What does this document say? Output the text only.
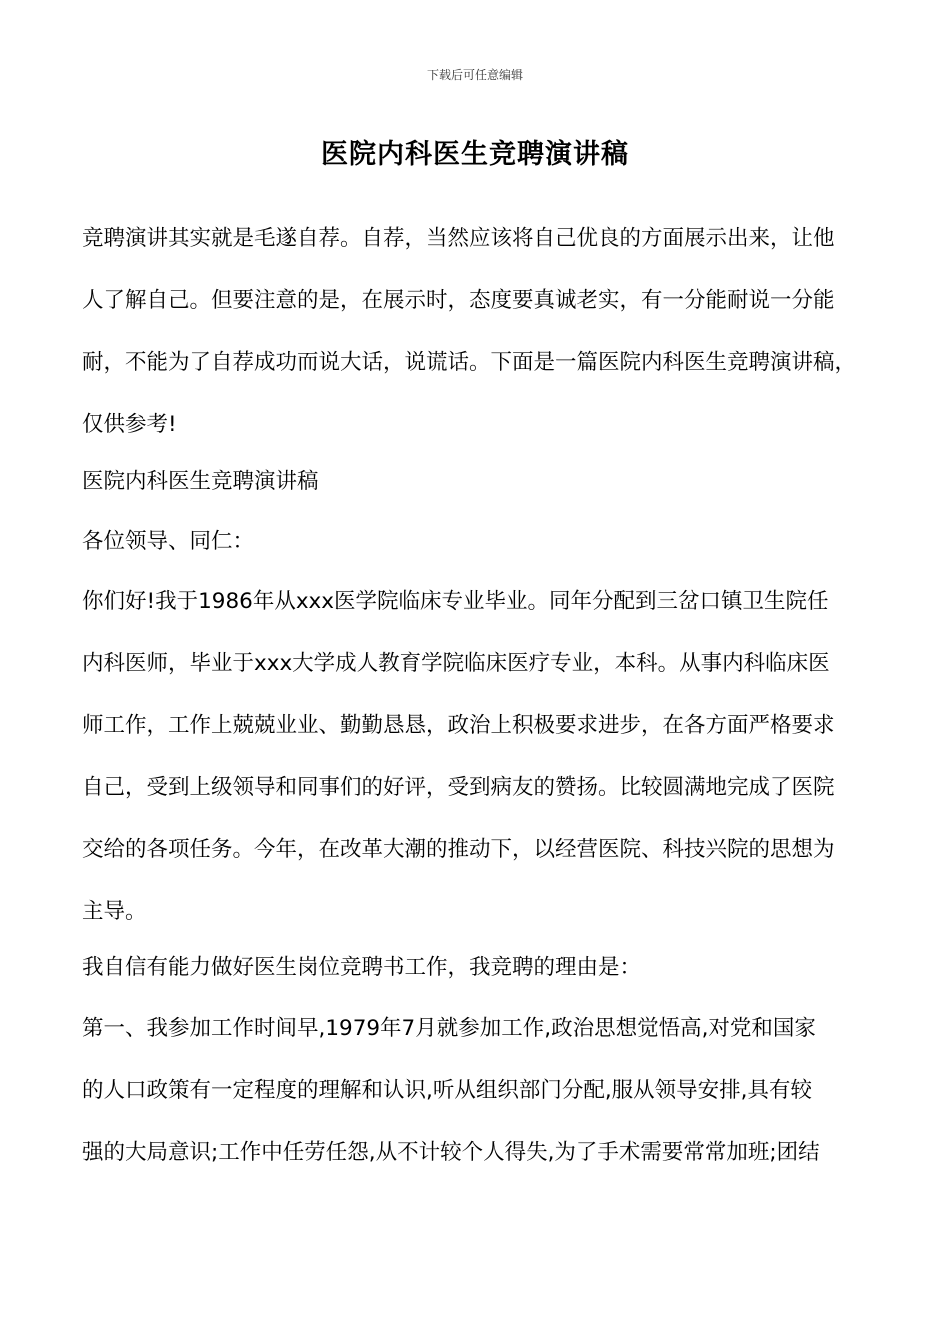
下载后可任意编辑
医院内科医生竞聘演讲稿
竞聘演讲其实就是毛遂自荐。自荐，当然应该将自己优良的方面展示出来，让他
人了解自己。但要注意的是，在展示时，态度要真诚老实，有一分能耐说一分能
耐，不能为了自荐成功而说大话，说谎话。下面是一篇医院内科医生竞聘演讲稿，
仅供参考!
医院内科医生竞聘演讲稿
各位领导、同仁：
你们好!我于1986年从xxx医学院临床专业毕业。同年分配到三岔口镇卫生院任
内科医师，毕业于xxx大学成人教育学院临床医疗专业，本科。从事内科临床医
师工作，工作上兢兢业业、勤勤恳恳，政治上积极要求进步，在各方面严格要求
自己，受到上级领导和同事们的好评，受到病友的赞扬。比较圆满地完成了医院
交给的各项任务。今年，在改革大潮的推动下，以经营医院、科技兴院的思想为
主导。
我自信有能力做好医生岗位竞聘书工作，我竞聘的理由是：
第一、我参加工作时间早,1979年7月就参加工作,政治思想觉悟高,对党和国家
的人口政策有一定程度的理解和认识,听从组织部门分配,服从领导安排,具有较
强的大局意识;工作中任劳任怨,从不计较个人得失,为了手术需要常常加班;团结
